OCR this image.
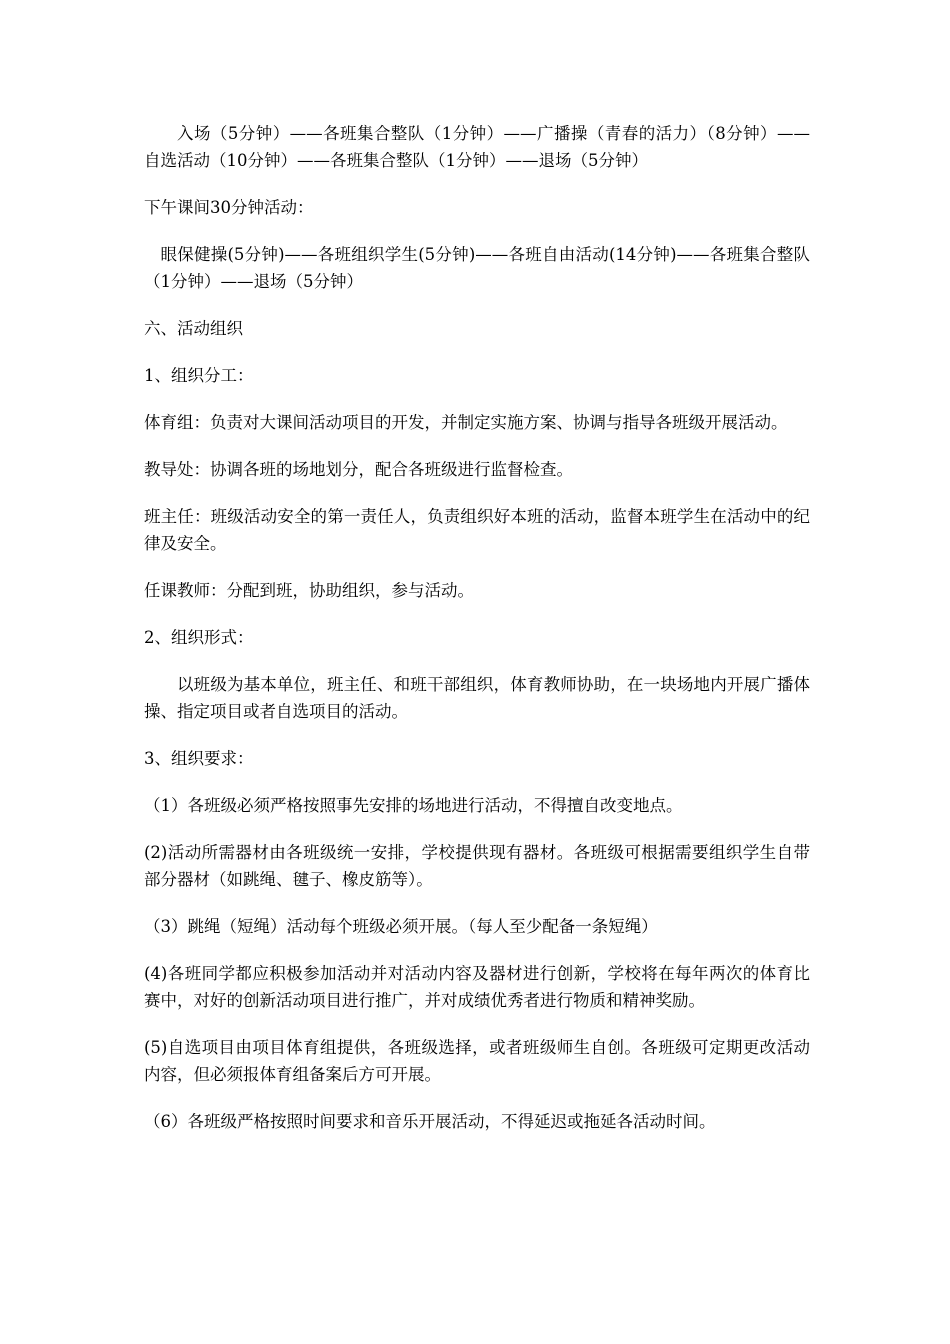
入场（5分钟）——各班集合整队（1分钟）——广播操（青春的活力）（8分钟）——自选活动（10分钟）——各班集合整队（1分钟）——退场（5分钟）

下午课间30分钟活动：

眼保健操(5分钟)——各班组织学生(5分钟)——各班自由活动(14分钟)——各班集合整队（1分钟）——退场（5分钟）

六、活动组织

1、组织分工：

体育组：负责对大课间活动项目的开发，并制定实施方案、协调与指导各班级开展活动。

教导处：协调各班的场地划分，配合各班级进行监督检查。

班主任：班级活动安全的第一责任人，负责组织好本班的活动，监督本班学生在活动中的纪律及安全。

任课教师：分配到班，协助组织，参与活动。

2、组织形式：

以班级为基本单位，班主任、和班干部组织，体育教师协助，在一块场地内开展广播体操、指定项目或者自选项目的活动。

3、组织要求：

（1）各班级必须严格按照事先安排的场地进行活动，不得擅自改变地点。

(2)活动所需器材由各班级统一安排，学校提供现有器材。各班级可根据需要组织学生自带部分器材（如跳绳、毽子、橡皮筋等）。

（3）跳绳（短绳）活动每个班级必须开展。（每人至少配备一条短绳）

(4)各班同学都应积极参加活动并对活动内容及器材进行创新，学校将在每年两次的体育比赛中，对好的创新活动项目进行推广，并对成绩优秀者进行物质和精神奖励。

(5)自选项目由项目体育组提供，各班级选择，或者班级师生自创。各班级可定期更改活动内容，但必须报体育组备案后方可开展。

（6）各班级严格按照时间要求和音乐开展活动，不得延迟或拖延各活动时间。
